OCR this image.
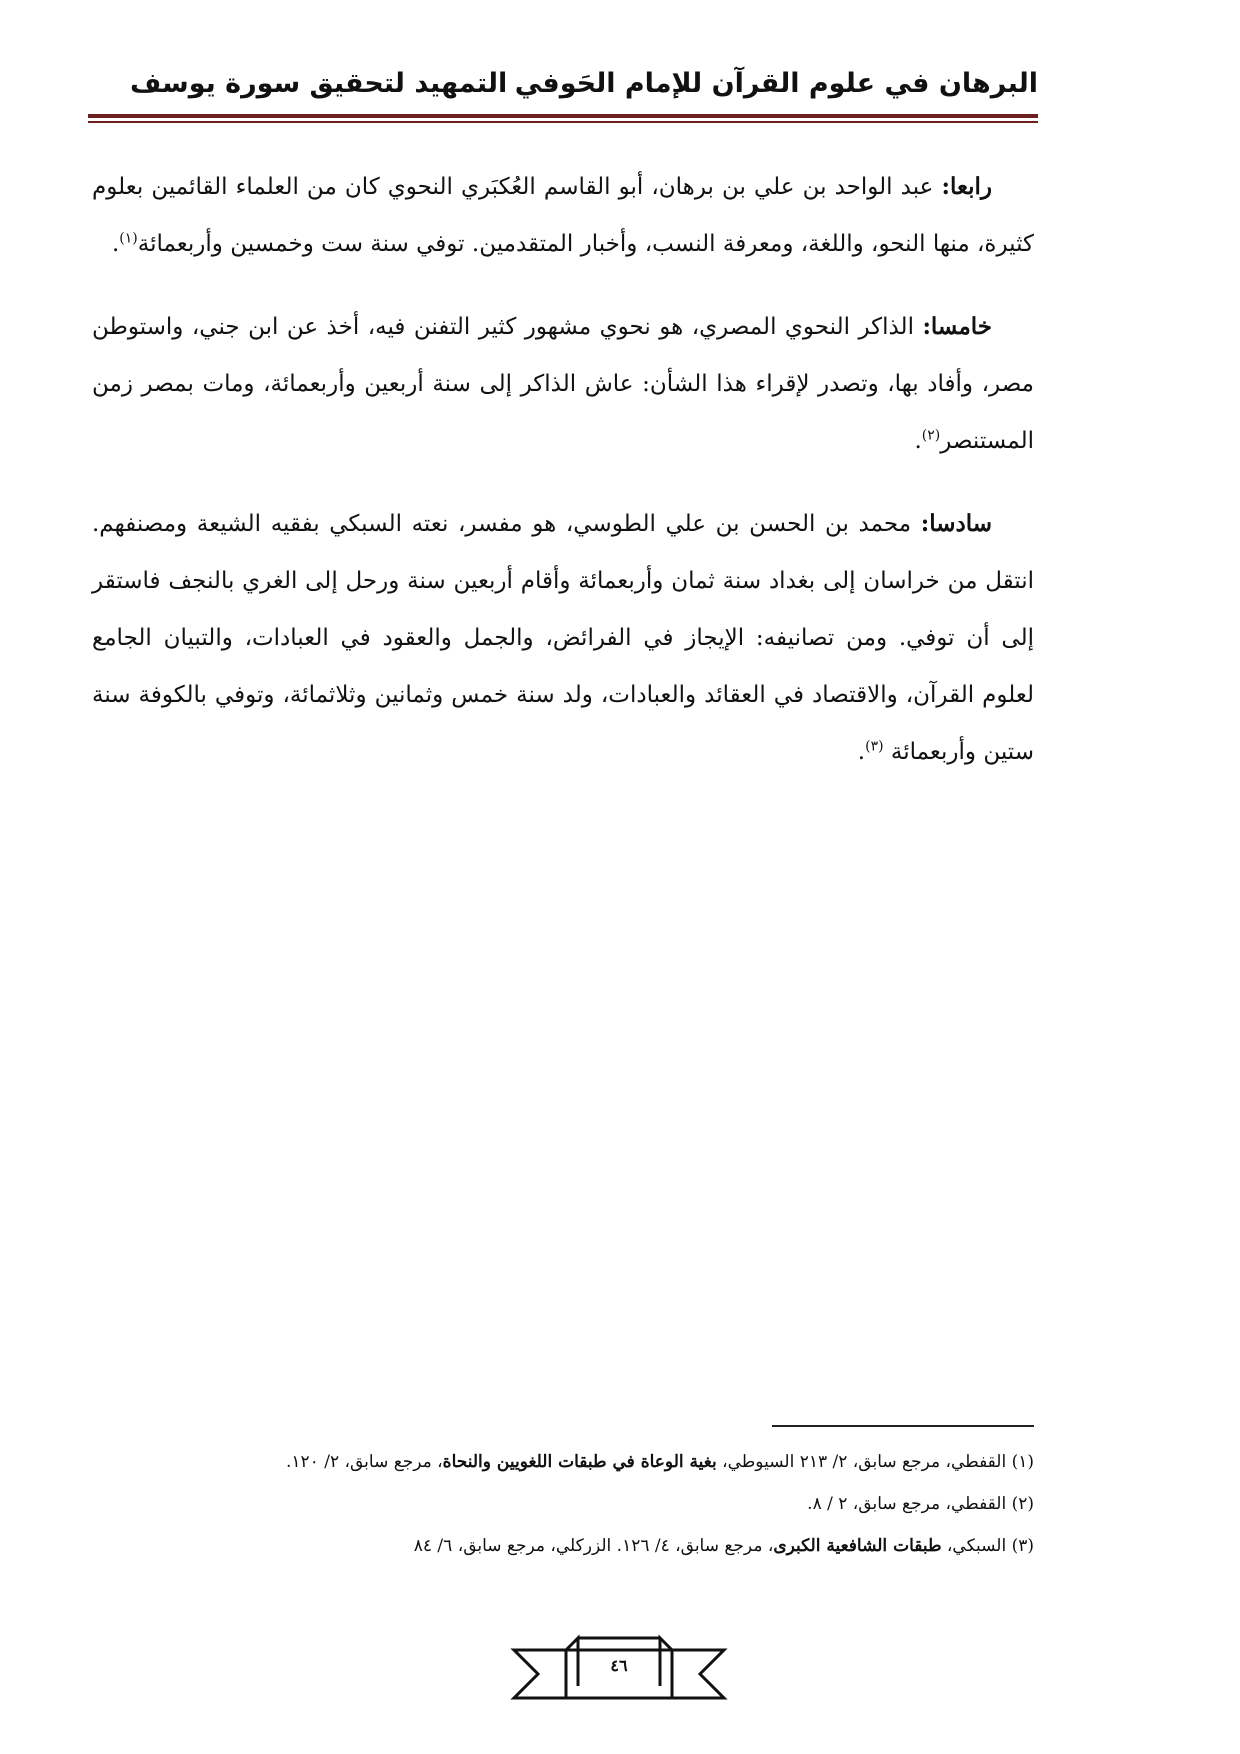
البرهان في علوم القرآن للإمام الحَوفي
التمهيد لتحقيق سورة يوسف

رابعا: عبد الواحد بن علي بن برهان، أبو القاسم العُكبَري النحوي كان من العلماء القائمين بعلوم كثيرة، منها النحو، واللغة، ومعرفة النسب، وأخبار المتقدمين. توفي سنة ست وخمسين وأربعمائة$^{(١)}$.

خامسا: الذاكر النحوي المصري، هو نحوي مشهور كثير التفنن فيه، أخذ عن ابن جني، واستوطن مصر، وأفاد بها، وتصدر لإقراء هذا الشأن: عاش الذاكر إلى سنة أربعين وأربعمائة، ومات بمصر زمن المستنصر$^{(٢)}$.

سادسا: محمد بن الحسن بن علي الطوسي، هو مفسر، نعته السبكي بفقيه الشيعة ومصنفهم. انتقل من خراسان إلى بغداد سنة ثمان وأربعمائة وأقام أربعين سنة ورحل إلى الغري بالنجف فاستقر إلى أن توفي. ومن تصانيفه: الإيجاز في الفرائض، والجمل والعقود في العبادات، والتبيان الجامع لعلوم القرآن، والاقتصاد في العقائد والعبادات، ولد سنة خمس وثمانين وثلاثمائة، وتوفي بالكوفة سنة ستين وأربعمائة $^{(٣)}$.

(١) القفطي، مرجع سابق، ٢/ ٢١٣ السيوطي، بغية الوعاة في طبقات اللغويين والنحاة، مرجع سابق، ٢/ ١٢٠.
(٢) القفطي، مرجع سابق، ٢ / ٨.
(٣) السبكي، طبقات الشافعية الكبرى، مرجع سابق، ٤/ ١٢٦. الزركلي، مرجع سابق، ٦/ ٨٤
٤٦
